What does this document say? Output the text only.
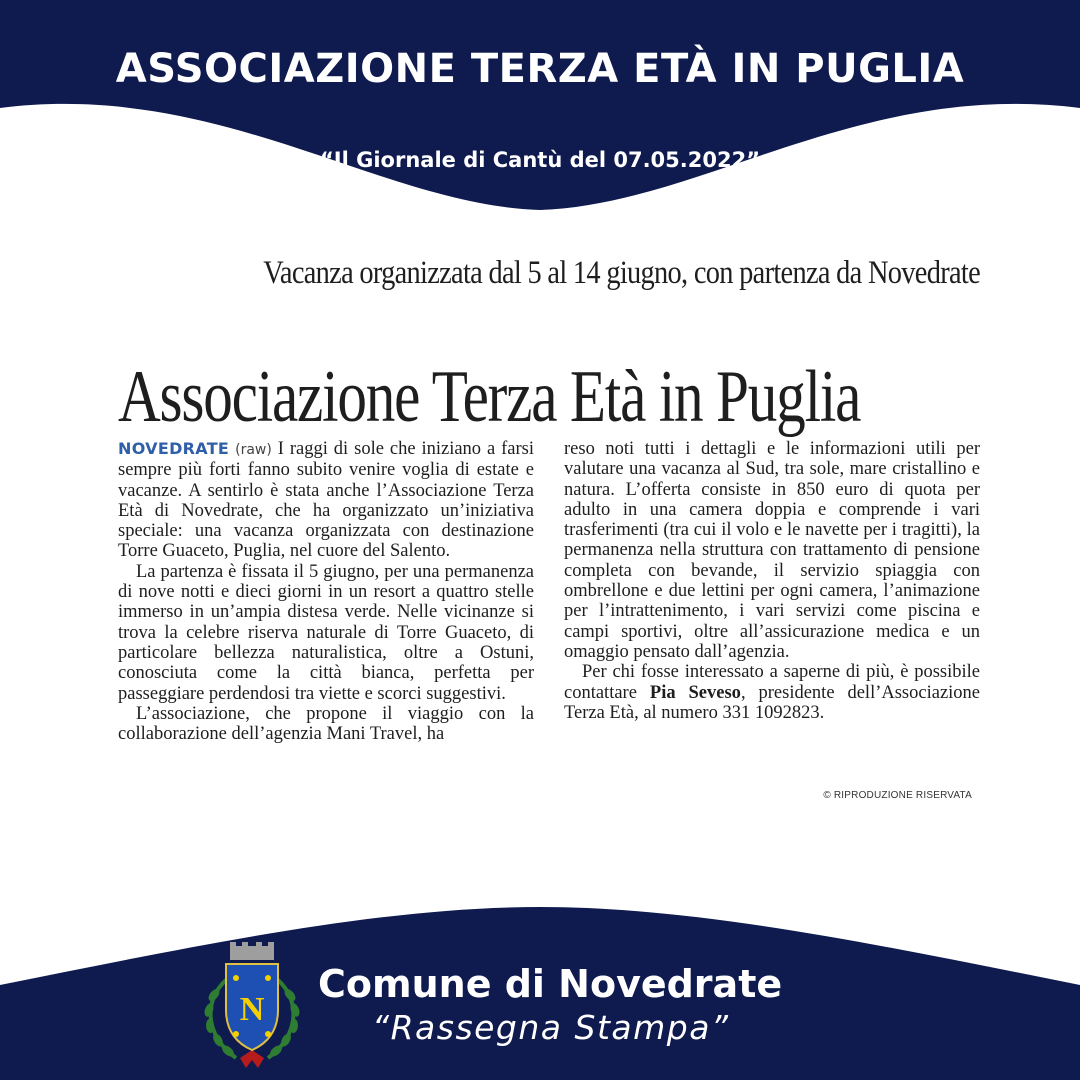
ASSOCIAZIONE TERZA ETÀ IN PUGLIA
“Il Giornale di Cantù del 07.05.2022”
Vacanza organizzata dal 5 al 14 giugno, con partenza da Novedrate
Associazione Terza Età in Puglia

NOVEDRATE (raw) I raggi di sole che iniziano a farsi sempre più forti fanno subito venire voglia di estate e vacanze. A sentirlo è stata anche l’Associazione Terza Età di Novedrate, che ha organizzato un’iniziativa speciale: una vacanza organizzata con destinazione Torre Guaceto, Puglia, nel cuore del Salento.

La partenza è fissata il 5 giugno, per una permanenza di nove notti e dieci giorni in un resort a quattro stelle immerso in un’ampia distesa verde. Nelle vicinanze si trova la celebre riserva naturale di Torre Guaceto, di particolare bellezza naturalistica, oltre a Ostuni, conosciuta come la città bianca, perfetta per passeggiare perdendosi tra viette e scorci suggestivi.

L’associazione, che propone il viaggio con la collaborazione dell’agenzia Mani Travel, ha

reso noti tutti i dettagli e le informazioni utili per valutare una vacanza al Sud, tra sole, mare cristallino e natura. L’offerta consiste in 850 euro di quota per adulto in una camera doppia e comprende i vari trasferimenti (tra cui il volo e le navette per i tragitti), la permanenza nella struttura con trattamento di pensione completa con bevande, il servizio spiaggia con ombrellone e due lettini per ogni camera, l’animazione per l’intrattenimento, i vari servizi come piscina e campi sportivi, oltre all’assicurazione medica e un omaggio pensato dall’agenzia.

Per chi fosse interessato a saperne di più, è possibile contattare Pia Seveso, presidente dell’Associazione Terza Età, al numero 331 1092823.

© RIPRODUZIONE RISERVATA
N
Comune di Novedrate
“Rassegna Stampa”
